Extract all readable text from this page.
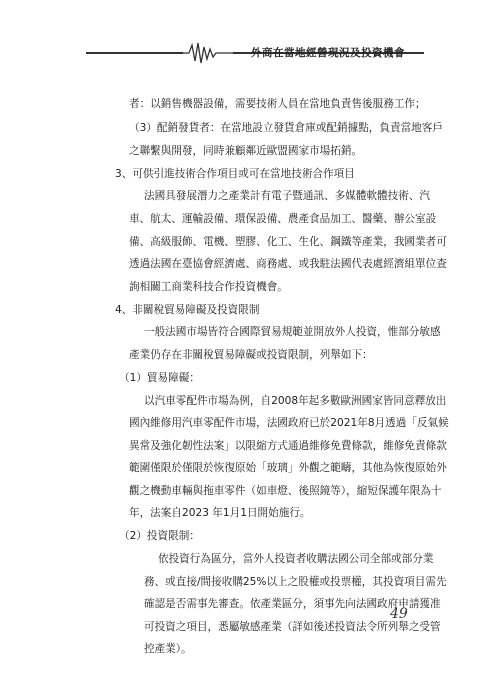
外商在當地經營現況及投資機會
者：以銷售機器設備，需要技術人員在當地負責售後服務工作；
（3）配銷發貨者：在當地設立發貨倉庫或配銷據點，負責當地客戶
之聯繫與開發，同時兼顧鄰近歐盟國家市場拓銷。
3、可供引進技術合作項目或可在當地技術合作項目
法國具發展潛力之產業計有電子暨通訊、多媒體軟體技術、汽
車、航太、運輸設備、環保設備、農產食品加工、醫藥、辦公室設
備、高級服飾、電機、塑膠、化工、生化、鋼鐵等產業，我國業者可
透過法國在臺協會經濟處、商務處、或我駐法國代表處經濟組單位查
詢相關工商業科技合作投資機會。
4、非關稅貿易障礙及投資限制
一般法國市場皆符合國際貿易規範並開放外人投資，惟部分敏感
產業仍存在非關稅貿易障礙或投資限制，列舉如下：
（1）貿易障礙：
以汽車零配件市場為例，自2008年起多數歐洲國家皆同意釋放出
國內維修用汽車零配件市場，法國政府已於2021年8月透過「反氣候
異常及強化韌性法案」以限縮方式通過維修免費條款，維修免責條款
範圍僅限於僅限於恢復原始「玻璃」外觀之範疇，其他為恢復原始外
觀之機動車輛與拖車零件（如車燈、後照鏡等），縮短保護年限為十
年，法案自2023 年1月1日開始施行。
（2）投資限制：
依投資行為區分，當外人投資者收購法國公司全部或部分業
務、或直接/間接收購25%以上之股權或投票權，其投資項目需先
確認是否需事先審查。依產業區分，須事先向法國政府申請獲准
可投資之項目，悉屬敏感產業（詳如後述投資法令所列舉之受管
控產業）。
49
